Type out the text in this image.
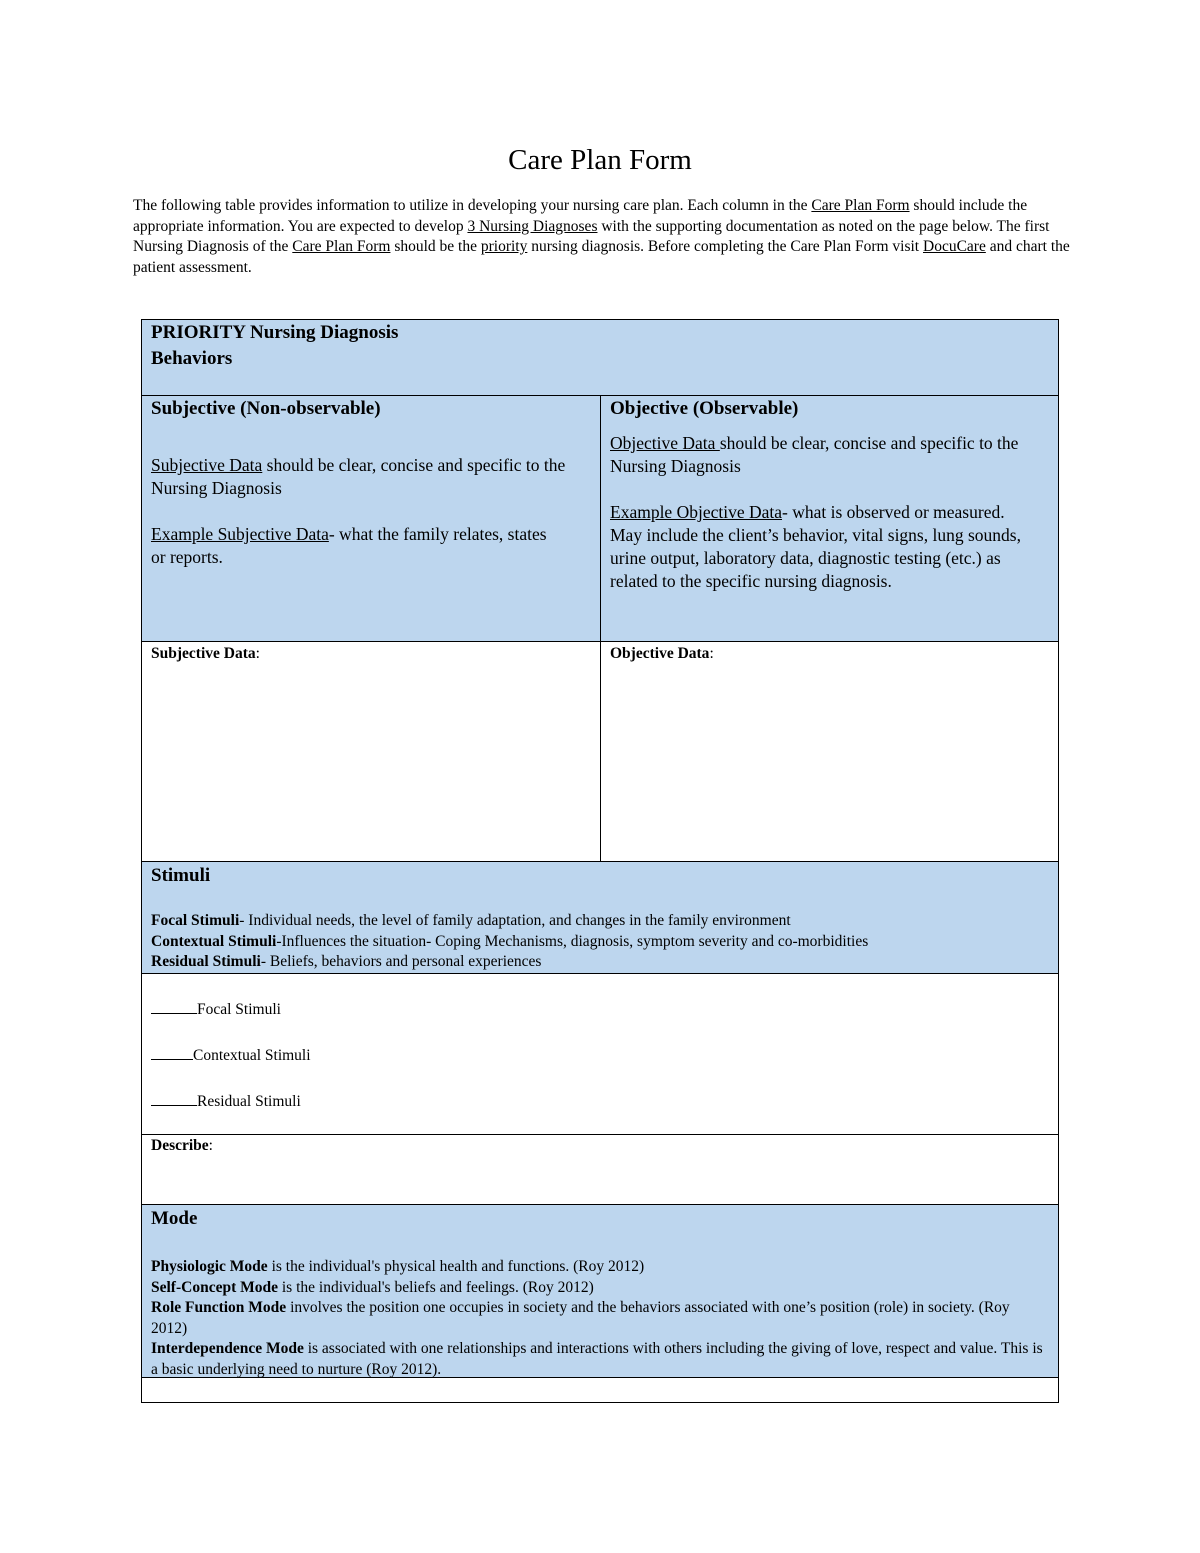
Care Plan Form

The following table provides information to utilize in developing your nursing care plan. Each column in the Care Plan Form should include the appropriate information. You are expected to develop 3 Nursing Diagnoses with the supporting documentation as noted on the page below. The first Nursing Diagnosis of the Care Plan Form should be the priority nursing diagnosis. Before completing the Care Plan Form visit DocuCare and chart the patient assessment.

PRIORITY Nursing Diagnosis
Behaviors
Subjective (Non-observable)
Subjective Data should be clear, concise and specific to the
Nursing Diagnosis
Example Subjective Data- what the family relates, states or reports.
Objective (Observable)
Objective Data should be clear, concise and specific to the Nursing Diagnosis
Example Objective Data- what is observed or measured. May include the client’s behavior, vital signs, lung sounds, urine output, laboratory data, diagnostic testing (etc.) as related to the specific nursing diagnosis.
Subjective Data:	Objective Data:
Stimuli
Focal Stimuli- Individual needs, the level of family adaptation, and changes in the family environment
Contextual Stimuli-Influences the situation- Coping Mechanisms, diagnosis, symptom severity and co-morbidities
Residual Stimuli- Beliefs, behaviors and personal experiences
Focal Stimuli
Contextual Stimuli
Residual Stimuli
Describe:
Mode
Physiologic Mode is the individual's physical health and functions. (Roy 2012)
Self-Concept Mode is the individual's beliefs and feelings. (Roy 2012)
Role Function Mode involves the position one occupies in society and the behaviors associated with one’s position (role) in society. (Roy 2012)
Interdependence Mode is associated with one relationships and interactions with others including the giving of love, respect and value. This is a basic underlying need to nurture (Roy 2012).
